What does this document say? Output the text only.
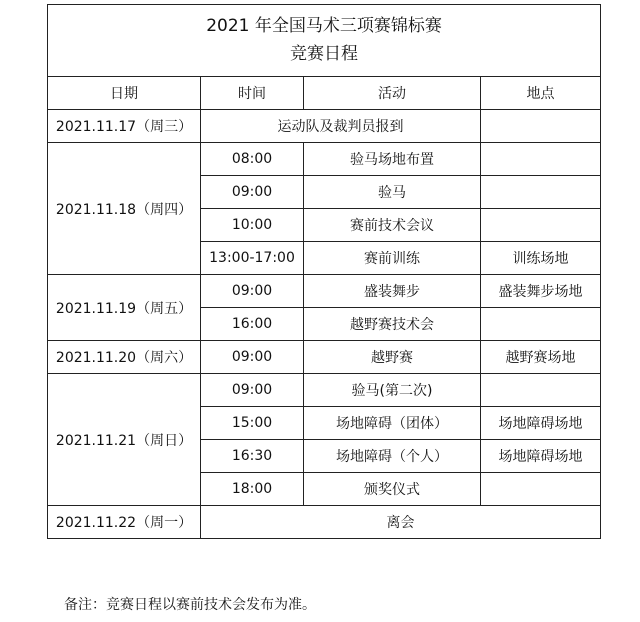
2021 年全国马术三项赛锦标赛
竞赛日程			

日期	时间	活动	地点
2021.11.17（周三）	运动队及裁判员报到		
2021.11.18（周四）	08:00	验马场地布置	
	09:00	验马	
	10:00	赛前技术会议	
	13:00-17:00	赛前训练	训练场地
2021.11.19（周五）	09:00	盛装舞步	盛装舞步场地
	16:00	越野赛技术会	
2021.11.20（周六）	09:00	越野赛	越野赛场地
2021.11.21（周日）	09:00	验马(第二次)	
	15:00	场地障碍（团体）	场地障碍场地
	16:30	场地障碍（个人）	场地障碍场地
	18:00	颁奖仪式	
2021.11.22（周一）	离会		
备注：竞赛日程以赛前技术会发布为准。
